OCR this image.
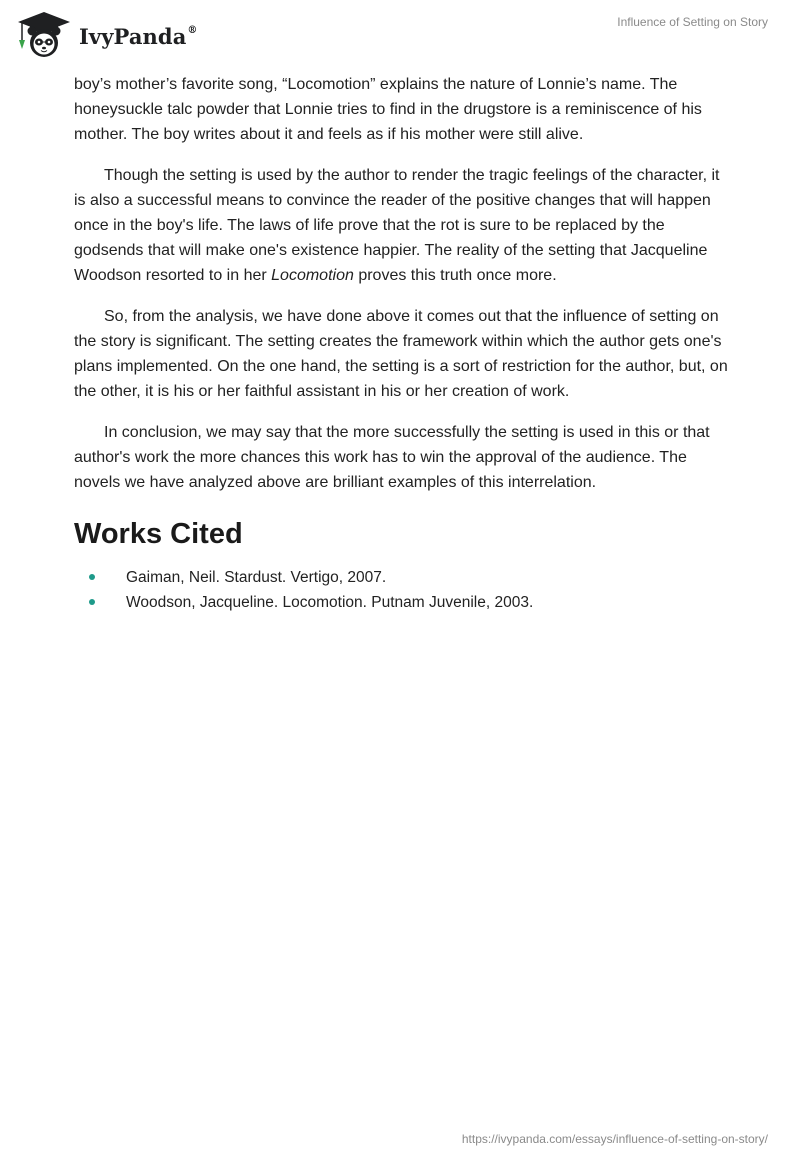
IvyPanda®
Influence of Setting on Story

boy’s mother’s favorite song, “Locomotion” explains the nature of Lonnie’s name. The honeysuckle talc powder that Lonnie tries to find in the drugstore is a reminiscence of his mother. The boy writes about it and feels as if his mother were still alive.

Though the setting is used by the author to render the tragic feelings of the character, it is also a successful means to convince the reader of the positive changes that will happen once in the boy's life. The laws of life prove that the rot is sure to be replaced by the godsends that will make one's existence happier. The reality of the setting that Jacqueline Woodson resorted to in her Locomotion proves this truth once more.

So, from the analysis, we have done above it comes out that the influence of setting on the story is significant. The setting creates the framework within which the author gets one's plans implemented. On the one hand, the setting is a sort of restriction for the author, but, on the other, it is his or her faithful assistant in his or her creation of work.

In conclusion, we may say that the more successfully the setting is used in this or that author's work the more chances this work has to win the approval of the audience. The novels we have analyzed above are brilliant examples of this interrelation.

Works Cited
Gaiman, Neil. Stardust. Vertigo, 2007.
Woodson, Jacqueline. Locomotion. Putnam Juvenile, 2003.
https://ivypanda.com/essays/influence-of-setting-on-story/
